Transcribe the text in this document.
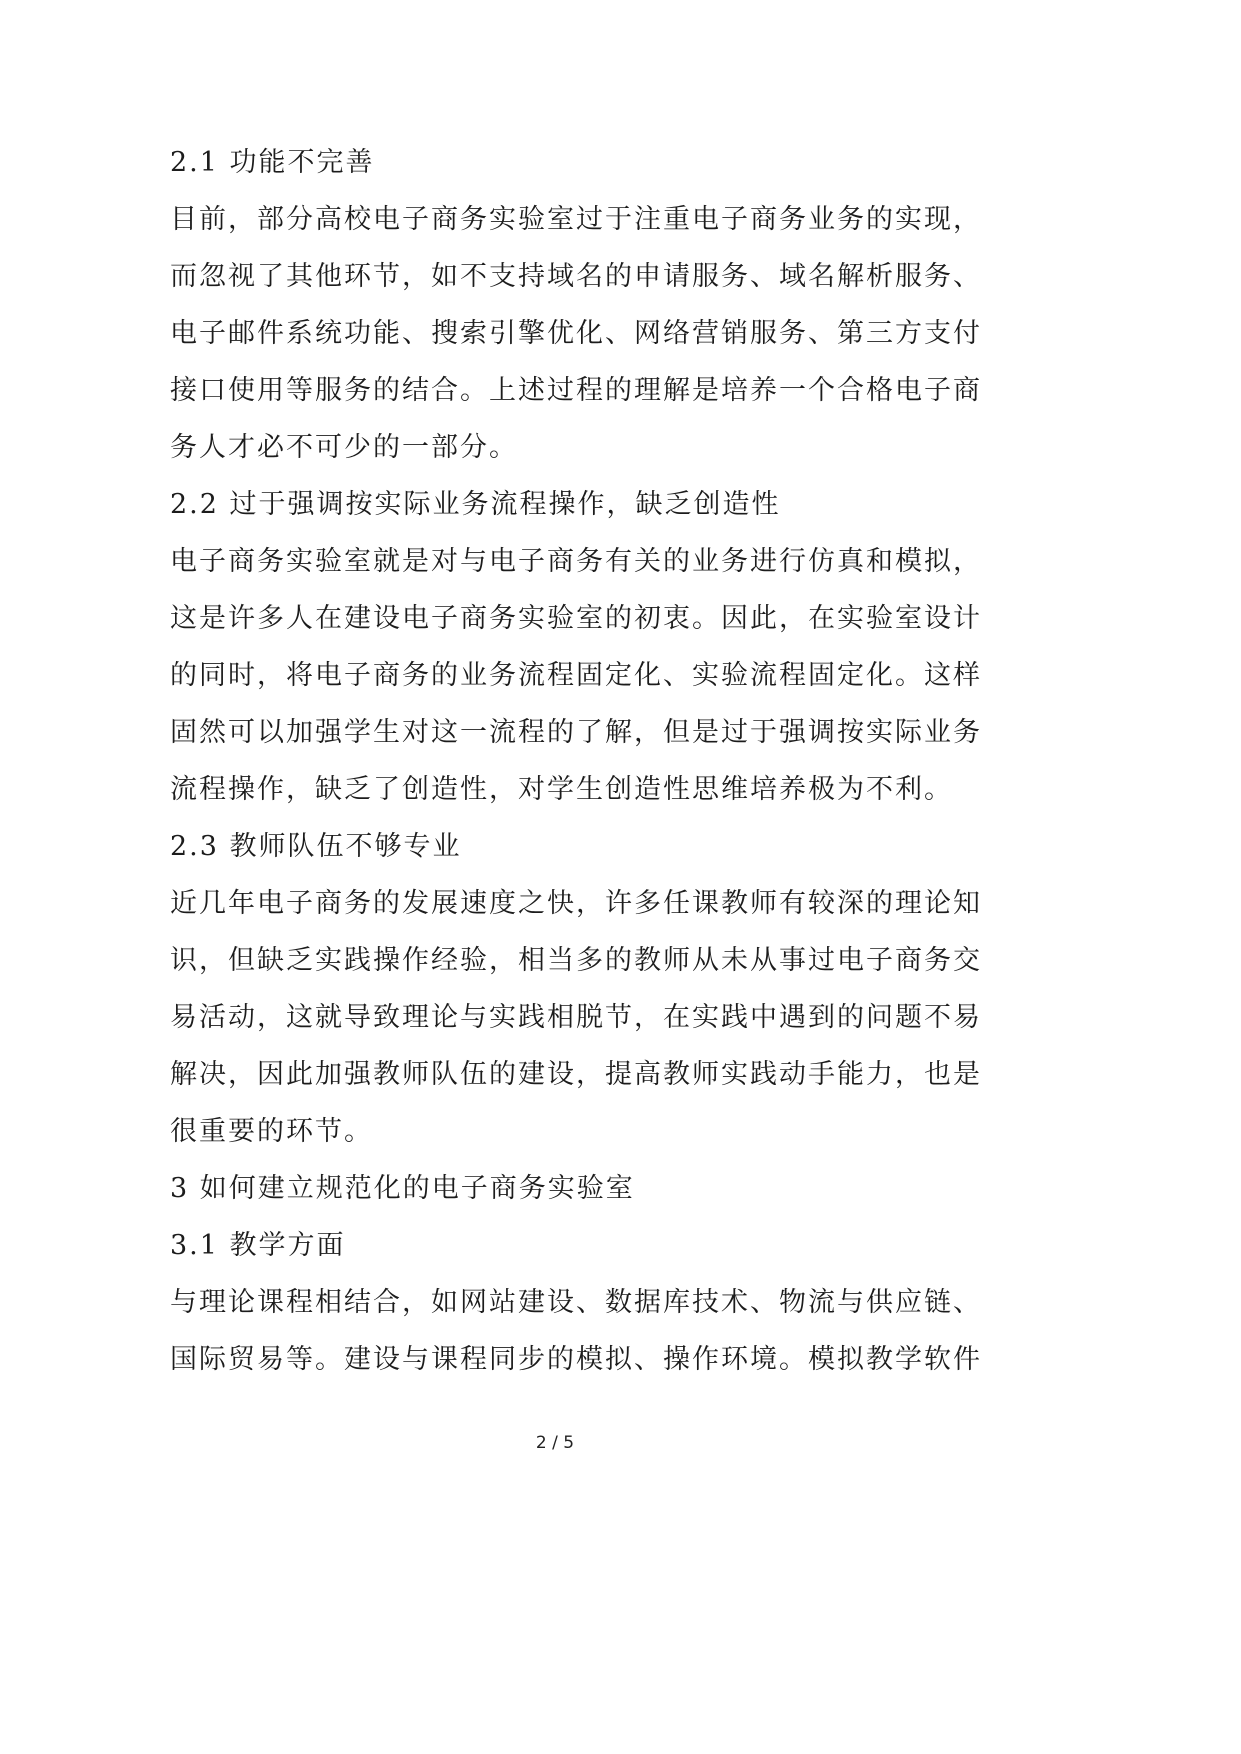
2.1 功能不完善
目前，部分高校电子商务实验室过于注重电子商务业务的实现，
而忽视了其他环节，如不支持域名的申请服务、域名解析服务、
电子邮件系统功能、搜索引擎优化、网络营销服务、第三方支付
接口使用等服务的结合。上述过程的理解是培养一个合格电子商
务人才必不可少的一部分。
2.2 过于强调按实际业务流程操作，缺乏创造性
电子商务实验室就是对与电子商务有关的业务进行仿真和模拟，
这是许多人在建设电子商务实验室的初衷。因此，在实验室设计
的同时，将电子商务的业务流程固定化、实验流程固定化。这样
固然可以加强学生对这一流程的了解，但是过于强调按实际业务
流程操作，缺乏了创造性，对学生创造性思维培养极为不利。
2.3 教师队伍不够专业
近几年电子商务的发展速度之快，许多任课教师有较深的理论知
识，但缺乏实践操作经验，相当多的教师从未从事过电子商务交
易活动，这就导致理论与实践相脱节，在实践中遇到的问题不易
解决，因此加强教师队伍的建设，提高教师实践动手能力，也是
很重要的环节。
3 如何建立规范化的电子商务实验室
3.1 教学方面
与理论课程相结合，如网站建设、数据库技术、物流与供应链、
国际贸易等。建设与课程同步的模拟、操作环境。模拟教学软件
2 / 5
